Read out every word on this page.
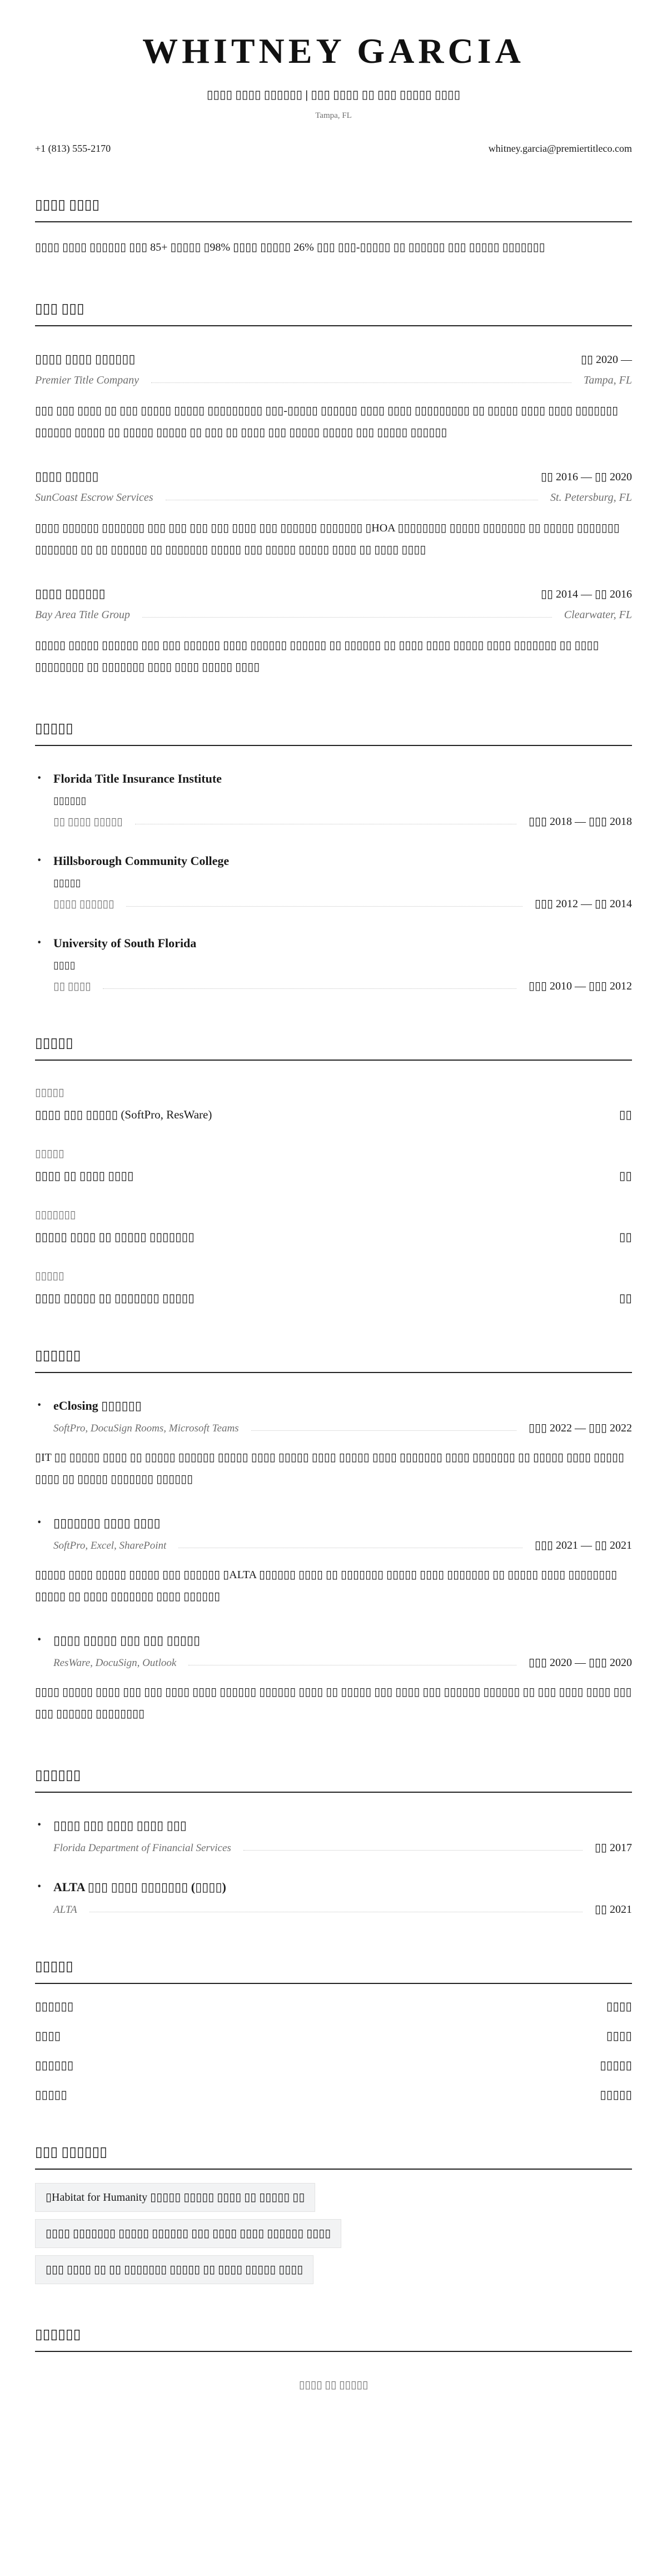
WHITNEY GARCIA
▯▯▯▯ ▯▯▯▯ ▯▯▯▯▯▯ | ▯▯▯ ▯▯▯▯ ▯▯ ▯▯▯ ▯▯▯▯▯ ▯▯▯▯
Tampa, FL
+1 (813) 555-2170	whitney.garcia@premiertitleco.com
▯▯▯▯ ▯▯▯▯

▯▯▯▯ ▯▯▯▯ ▯▯▯▯▯▯ ▯▯▯ 85+ ▯▯▯▯▯ ▯98% ▯▯▯▯ ▯▯▯▯▯ 26% ▯▯▯ ▯▯▯-▯▯▯▯▯ ▯▯ ▯▯▯▯▯▯ ▯▯▯ ▯▯▯▯▯ ▯▯▯▯▯▯▯

▯▯▯ ▯▯▯
▯▯▯▯ ▯▯▯▯ ▯▯▯▯▯▯	▯▯ 2020 —
Premier Title Company	Tampa, FL

▯▯▯ ▯▯▯ ▯▯▯▯ ▯▯ ▯▯▯ ▯▯▯▯▯ ▯▯▯▯▯ ▯▯▯▯▯▯▯▯▯ ▯▯▯-▯▯▯▯▯ ▯▯▯▯▯▯ ▯▯▯▯ ▯▯▯▯ ▯▯▯▯▯▯▯▯▯ ▯▯ ▯▯▯▯▯ ▯▯▯▯ ▯▯▯▯ ▯▯▯▯▯▯▯ ▯▯▯▯▯▯ ▯▯▯▯▯ ▯▯ ▯▯▯▯▯ ▯▯▯▯▯ ▯▯ ▯▯▯ ▯▯ ▯▯▯▯ ▯▯▯ ▯▯▯▯▯ ▯▯▯▯▯ ▯▯▯ ▯▯▯▯▯ ▯▯▯▯▯▯

▯▯▯▯ ▯▯▯▯▯	▯▯ 2016 — ▯▯ 2020
SunCoast Escrow Services	St. Petersburg, FL

▯▯▯▯ ▯▯▯▯▯▯ ▯▯▯▯▯▯▯ ▯▯▯ ▯▯▯ ▯▯▯ ▯▯▯ ▯▯▯▯ ▯▯▯ ▯▯▯▯▯▯ ▯▯▯▯▯▯▯ ▯HOA ▯▯▯▯▯▯▯▯ ▯▯▯▯▯ ▯▯▯▯▯▯▯ ▯▯ ▯▯▯▯▯ ▯▯▯▯▯▯▯ ▯▯▯▯▯▯▯ ▯▯ ▯▯ ▯▯▯▯▯▯ ▯▯ ▯▯▯▯▯▯▯ ▯▯▯▯▯ ▯▯▯ ▯▯▯▯▯ ▯▯▯▯▯ ▯▯▯▯ ▯▯ ▯▯▯▯ ▯▯▯▯

▯▯▯▯ ▯▯▯▯▯▯	▯▯ 2014 — ▯▯ 2016
Bay Area Title Group	Clearwater, FL

▯▯▯▯▯ ▯▯▯▯▯ ▯▯▯▯▯▯ ▯▯▯ ▯▯▯ ▯▯▯▯▯▯ ▯▯▯▯ ▯▯▯▯▯▯ ▯▯▯▯▯▯ ▯▯ ▯▯▯▯▯▯ ▯▯ ▯▯▯▯ ▯▯▯▯ ▯▯▯▯▯ ▯▯▯▯ ▯▯▯▯▯▯▯ ▯▯ ▯▯▯▯ ▯▯▯▯▯▯▯▯ ▯▯ ▯▯▯▯▯▯▯ ▯▯▯▯ ▯▯▯▯ ▯▯▯▯▯ ▯▯▯▯

▯▯▯▯▯
· Florida Title Insurance Institute
▯▯▯▯▯▯
▯▯ ▯▯▯▯ ▯▯▯▯▯	▯▯▯ 2018 — ▯▯▯ 2018
· Hillsborough Community College
▯▯▯▯▯
▯▯▯▯ ▯▯▯▯▯▯	▯▯▯ 2012 — ▯▯ 2014
· University of South Florida
▯▯▯▯
▯▯ ▯▯▯▯	▯▯▯ 2010 — ▯▯▯ 2012
▯▯▯▯▯
▯▯▯▯▯
▯▯▯▯ ▯▯▯ ▯▯▯▯▯ (SoftPro, ResWare)	▯▯
▯▯▯▯▯
▯▯▯▯ ▯▯ ▯▯▯▯ ▯▯▯▯	▯▯
▯▯▯▯▯▯▯
▯▯▯▯▯ ▯▯▯▯ ▯▯ ▯▯▯▯▯ ▯▯▯▯▯▯▯	▯▯
▯▯▯▯▯
▯▯▯▯ ▯▯▯▯▯ ▯▯ ▯▯▯▯▯▯▯ ▯▯▯▯▯	▯▯
▯▯▯▯▯▯
· eClosing ▯▯▯▯▯▯
SoftPro, DocuSign Rooms, Microsoft Teams	▯▯▯ 2022 — ▯▯▯ 2022

▯IT ▯▯ ▯▯▯▯▯ ▯▯▯▯ ▯▯ ▯▯▯▯▯ ▯▯▯▯▯▯ ▯▯▯▯▯ ▯▯▯▯ ▯▯▯▯▯ ▯▯▯▯ ▯▯▯▯▯ ▯▯▯▯ ▯▯▯▯▯▯▯ ▯▯▯▯ ▯▯▯▯▯▯▯ ▯▯ ▯▯▯▯▯ ▯▯▯▯ ▯▯▯▯▯ ▯▯▯▯ ▯▯ ▯▯▯▯▯ ▯▯▯▯▯▯▯ ▯▯▯▯▯▯

· ▯▯▯▯▯▯▯ ▯▯▯▯ ▯▯▯▯
SoftPro, Excel, SharePoint	▯▯▯ 2021 — ▯▯ 2021

▯▯▯▯▯ ▯▯▯▯ ▯▯▯▯▯ ▯▯▯▯▯ ▯▯▯ ▯▯▯▯▯▯ ▯ALTA ▯▯▯▯▯▯ ▯▯▯▯ ▯▯ ▯▯▯▯▯▯▯ ▯▯▯▯▯ ▯▯▯▯ ▯▯▯▯▯▯▯ ▯▯ ▯▯▯▯▯ ▯▯▯▯ ▯▯▯▯▯▯▯▯ ▯▯▯▯▯ ▯▯ ▯▯▯▯ ▯▯▯▯▯▯▯ ▯▯▯▯ ▯▯▯▯▯▯

· ▯▯▯▯ ▯▯▯▯▯ ▯▯▯ ▯▯▯ ▯▯▯▯▯
ResWare, DocuSign, Outlook	▯▯▯ 2020 — ▯▯▯ 2020

▯▯▯▯ ▯▯▯▯▯ ▯▯▯▯ ▯▯▯ ▯▯▯ ▯▯▯▯ ▯▯▯▯ ▯▯▯▯▯▯ ▯▯▯▯▯▯ ▯▯▯▯ ▯▯ ▯▯▯▯▯ ▯▯▯ ▯▯▯▯ ▯▯▯ ▯▯▯▯▯▯ ▯▯▯▯▯▯ ▯▯ ▯▯▯ ▯▯▯▯ ▯▯▯▯ ▯▯▯ ▯▯▯ ▯▯▯▯▯▯ ▯▯▯▯▯▯▯▯

▯▯▯▯▯▯
· ▯▯▯▯ ▯▯▯ ▯▯▯▯ ▯▯▯▯ ▯▯▯
Florida Department of Financial Services	▯▯ 2017
· ALTA ▯▯▯ ▯▯▯▯ ▯▯▯▯▯▯▯ (▯▯▯▯)
ALTA	▯▯ 2021
▯▯▯▯▯
▯▯▯▯▯▯	▯▯▯▯
▯▯▯▯	▯▯▯▯
▯▯▯▯▯▯	▯▯▯▯▯
▯▯▯▯▯	▯▯▯▯▯
▯▯▯ ▯▯▯▯▯▯
▯Habitat for Humanity ▯▯▯▯▯ ▯▯▯▯▯ ▯▯▯▯ ▯▯ ▯▯▯▯▯ ▯▯
▯▯▯▯ ▯▯▯▯▯▯▯ ▯▯▯▯▯ ▯▯▯▯▯▯ ▯▯▯ ▯▯▯▯ ▯▯▯▯ ▯▯▯▯▯▯ ▯▯▯▯
▯▯▯ ▯▯▯▯ ▯▯ ▯▯ ▯▯▯▯▯▯▯ ▯▯▯▯▯ ▯▯ ▯▯▯▯ ▯▯▯▯▯ ▯▯▯▯
▯▯▯▯▯▯
▯▯▯▯ ▯▯ ▯▯▯▯▯
